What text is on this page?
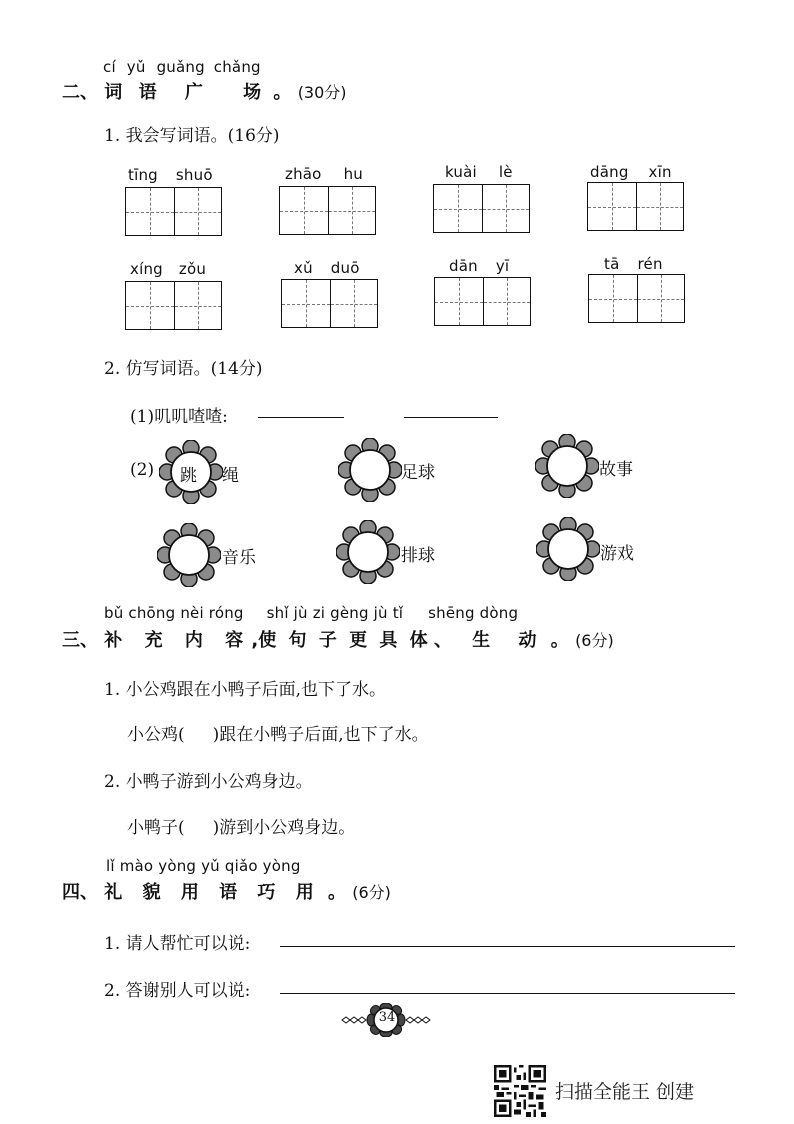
cí yǔ guǎng chǎng
二、 词 语 广 场 。 (30分)
1. 我会写词语。(16分)
tīng shuō	zhāo hu	kuài lè	dāng xīn
xíng zǒu	xǔ duō	dān yī	tā rén
2. 仿写词语。(14分)
(1)叽叽喳喳:
(2) 跳 绳	足球	故事
音乐	排球	游戏
bǔ chōng nèi róng shǐ jù zi gèng jù tǐ shēng dòng
三、 补 充 内 容 ,使 句 子 更 具 体 、 生 动 。 (6分)
1. 小公鸡跟在小鸭子后面,也下了水。
小公鸡( )跟在小鸭子后面,也下了水。
2. 小鸭子游到小公鸡身边。
小鸭子( )游到小公鸡身边。
lǐ mào yòng yǔ qiǎo yòng
四、 礼 貌 用 语 巧 用 。 (6分)
1. 请人帮忙可以说:
2. 答谢别人可以说:
34
扫描全能王 创建
